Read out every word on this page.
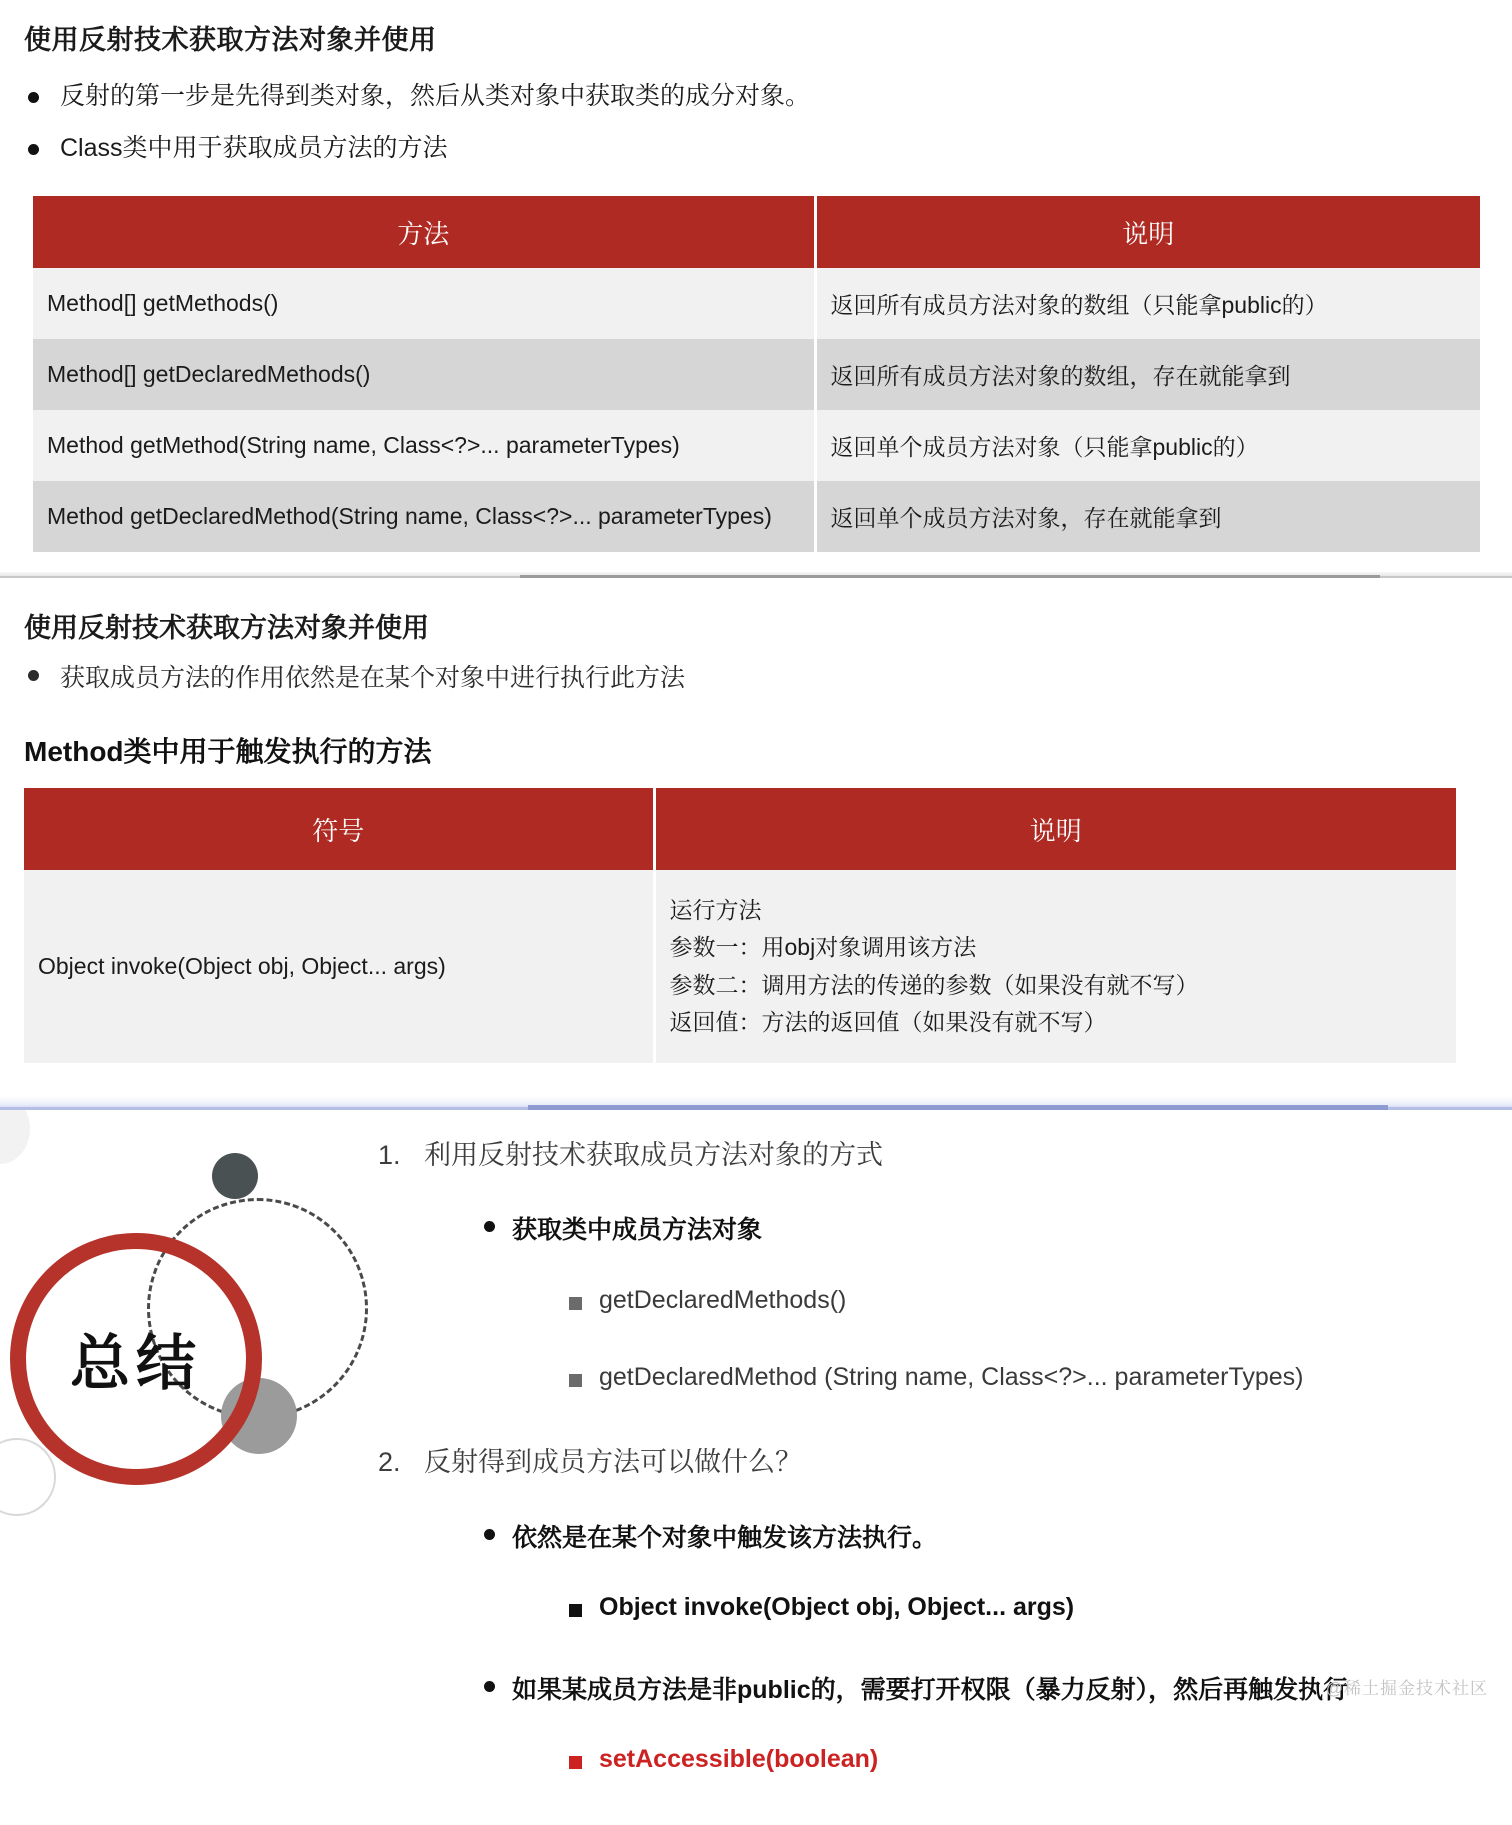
使用反射技术获取方法对象并使用
反射的第一步是先得到类对象，然后从类对象中获取类的成分对象。
Class类中用于获取成员方法的方法
方法	说明
Method[] getMethods()	返回所有成员方法对象的数组（只能拿public的）
Method[] getDeclaredMethods()	返回所有成员方法对象的数组，存在就能拿到
Method getMethod(String name, Class<?>... parameterTypes)	返回单个成员方法对象（只能拿public的）
Method getDeclaredMethod(String name, Class<?>... parameterTypes)	返回单个成员方法对象，存在就能拿到
使用反射技术获取方法对象并使用
获取成员方法的作用依然是在某个对象中进行执行此方法
Method类中用于触发执行的方法
符号	说明
Object invoke(Object obj, Object... args)	运行方法
参数一：用obj对象调用该方法
参数二：调用方法的传递的参数（如果没有就不写）
返回值：方法的返回值（如果没有就不写）
总结
1. 利用反射技术获取成员方法对象的方式
获取类中成员方法对象
getDeclaredMethods()
getDeclaredMethod (String name, Class<?>... parameterTypes)
2. 反射得到成员方法可以做什么？
依然是在某个对象中触发该方法执行。
Object invoke(Object obj, Object... args)
如果某成员方法是非public的，需要打开权限（暴力反射），然后再触发执行
setAccessible(boolean)
@稀土掘金技术社区
